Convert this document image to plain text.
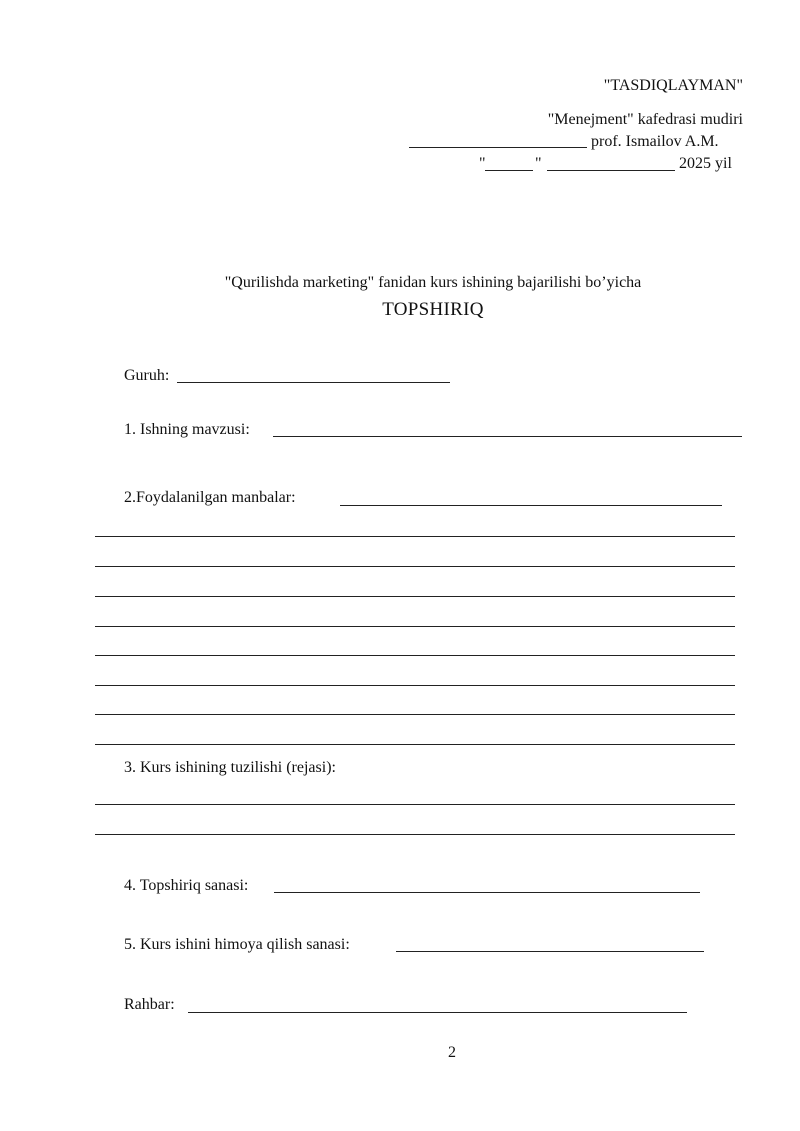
"TASDIQLAYMAN"
"Menejment" kafedrasi mudiri
prof. Ismailov A.M.
"	"	2025 yil
"Qurilishda marketing" fanidan kurs ishining bajarilishi bo’yicha
TOPSHIRIQ
Guruh:
1. Ishning mavzusi:
2.Foydalanilgan manbalar:
3. Kurs ishining tuzilishi (rejasi):
4. Topshiriq sanasi:
5. Kurs ishini himoya qilish sanasi:
Rahbar:
2
